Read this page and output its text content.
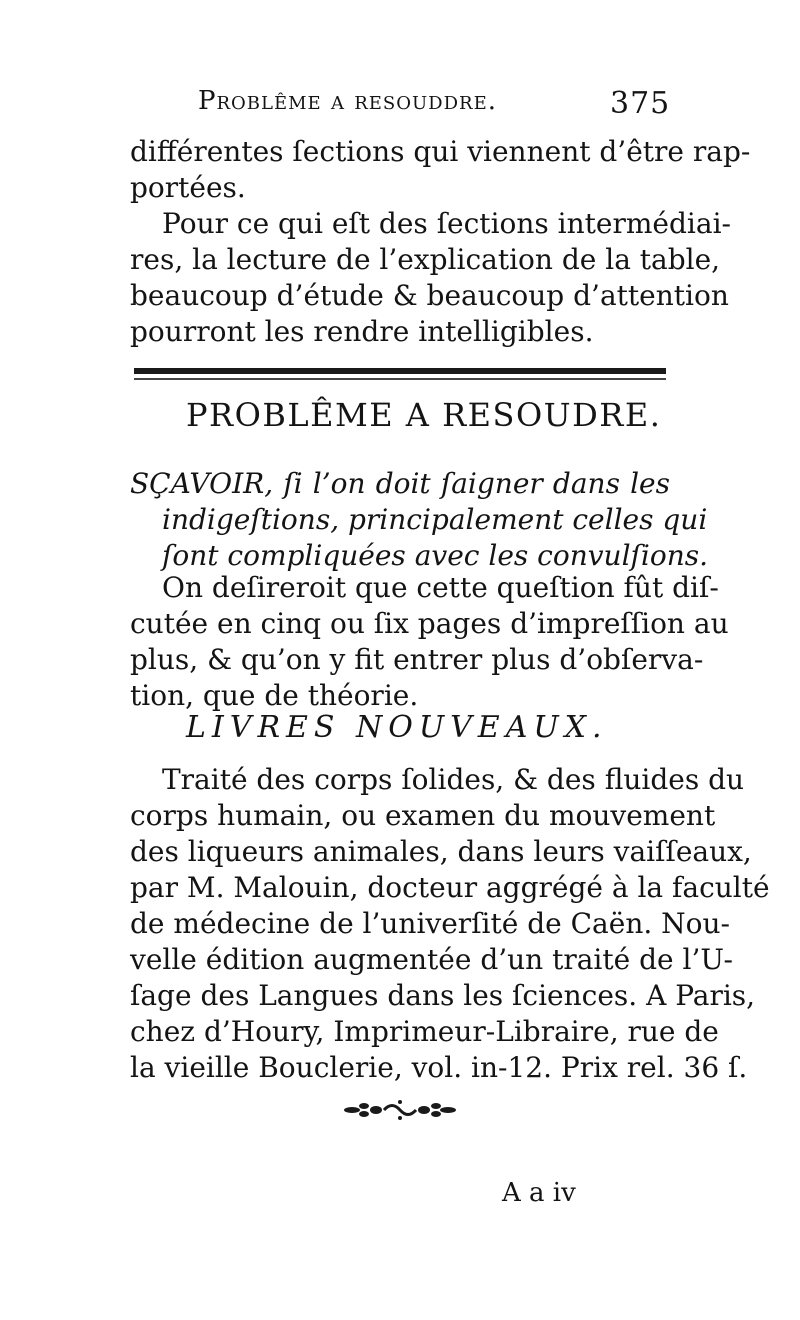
Problême a resouddre.	375
différentes ſections qui viennent d’être rap-
portées.
Pour ce qui eſt des ſections intermédiai-
res, la lecture de l’explication de la table,
beaucoup d’étude & beaucoup d’attention
pourront les rendre intelligibles.
PROBLÊME A RESOUDRE.
SÇAVOIR, ſi l’on doit ſaigner dans les
indigeſtions, principalement celles qui
ſont compliquées avec les convulſions.
On deſireroit que cette queſtion fût diſ-
cutée en cinq ou ſix pages d’impreſſion au
plus, & qu’on y fit entrer plus d’obſerva-
tion, que de théorie.
LIVRES NOUVEAUX.
Traité des corps ſolides, & des fluides du
corps humain, ou examen du mouvement
des liqueurs animales, dans leurs vaiſſeaux,
par M. Malouin, docteur aggrégé à la faculté
de médecine de l’univerſité de Caën. Nou-
velle édition augmentée d’un traité de l’U-
ſage des Langues dans les ſciences. A Paris,
chez d’Houry, Imprimeur-Libraire, rue de
la vieille Bouclerie, vol. in-12. Prix rel. 36 ſ.
A a iv
